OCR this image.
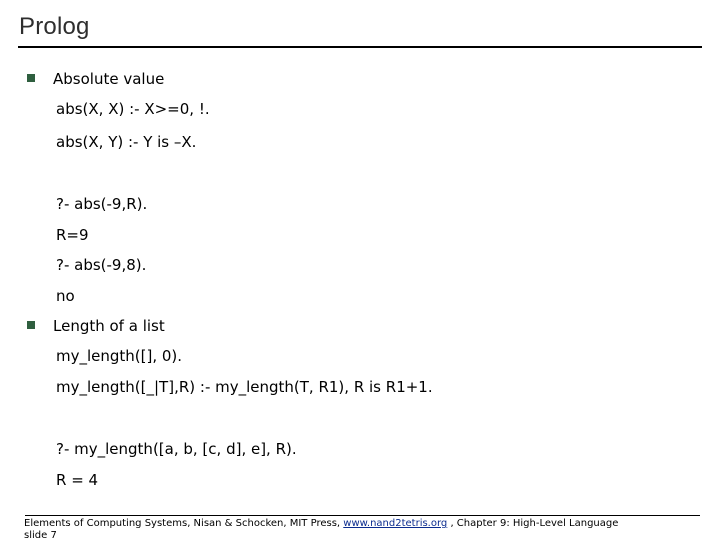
Prolog
Absolute value
abs(X, X) :- X>=0, !.
abs(X, Y) :- Y is –X.
?- abs(-9,R).
R=9
?- abs(-9,8).
no
Length of a list
my_length([], 0).
my_length([_|T],R) :- my_length(T, R1), R is R1+1.
?- my_length([a, b, [c, d], e], R).
R = 4
Elements of Computing Systems, Nisan & Schocken, MIT Press, www.nand2tetris.org , Chapter 9: High-Level Language
slide 7
